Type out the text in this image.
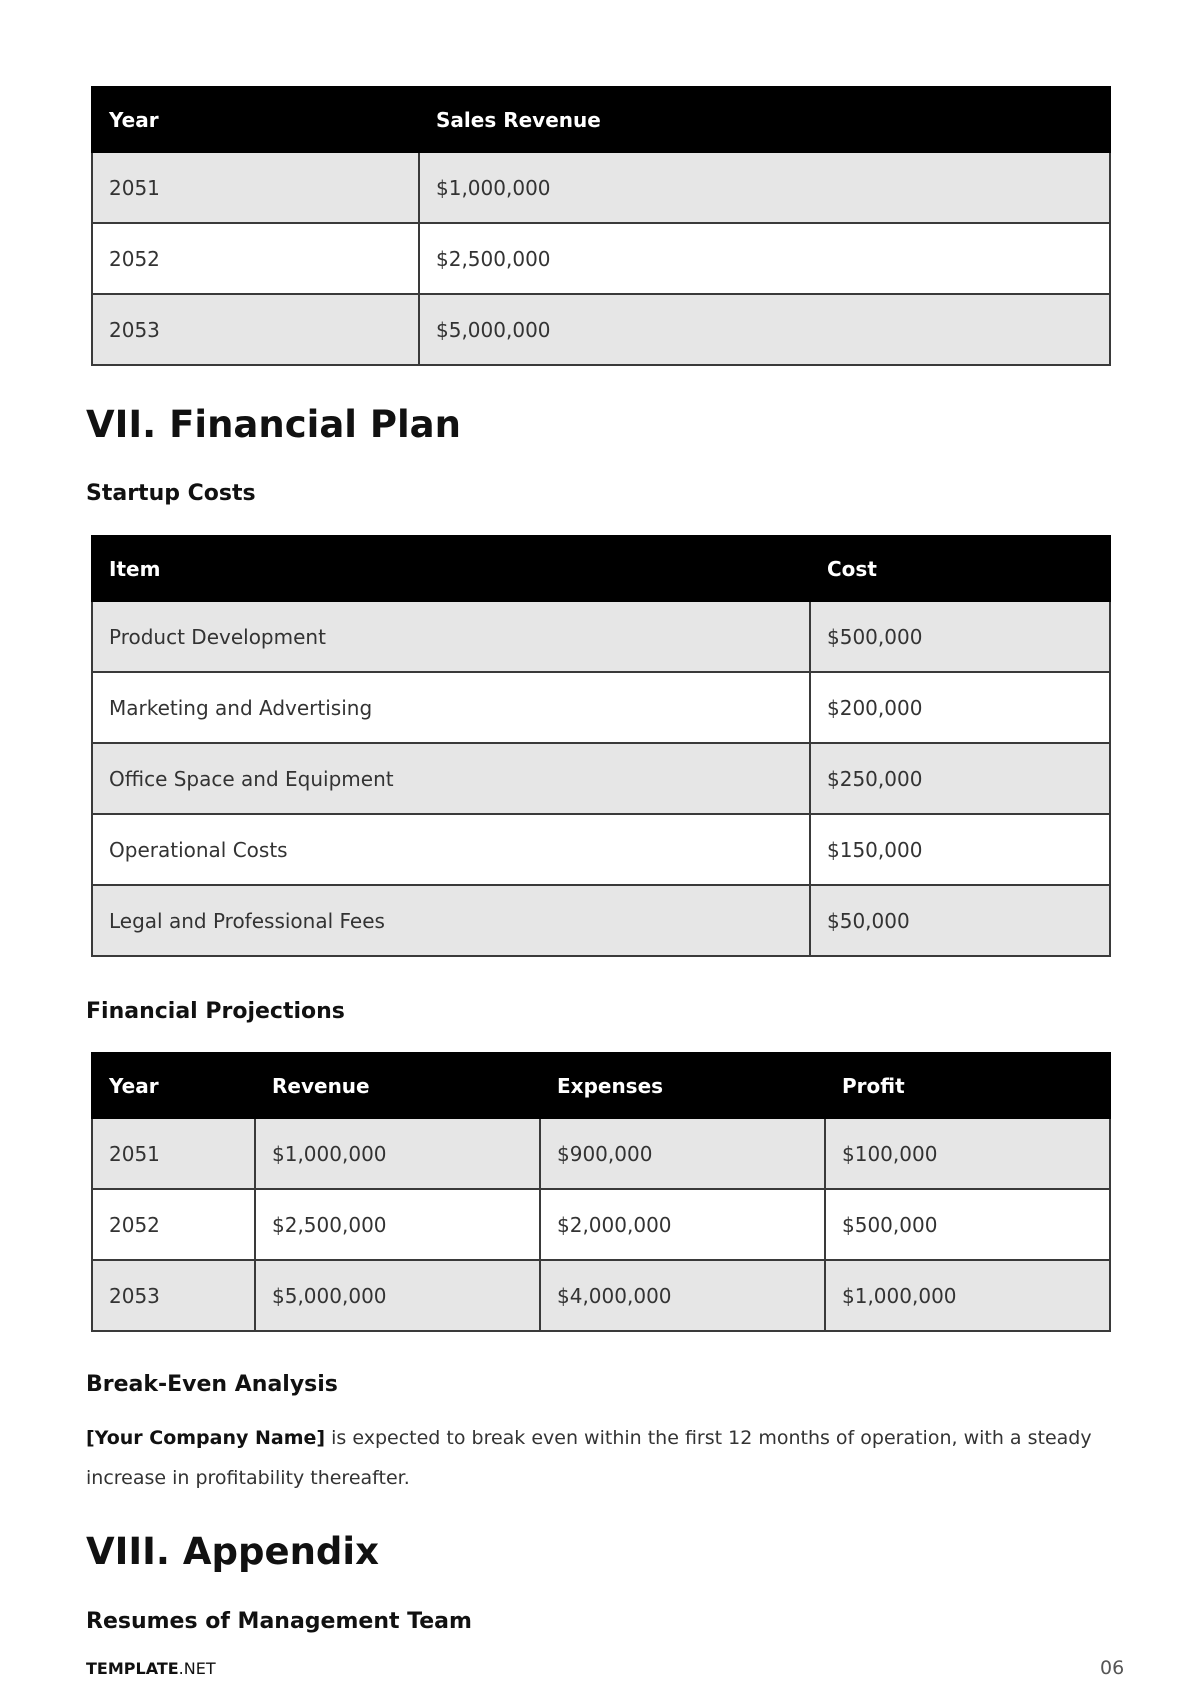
Year	Sales Revenue
2051	$1,000,000
2052	$2,500,000
2053	$5,000,000
VII. Financial Plan
Startup Costs
Item	Cost
Product Development	$500,000
Marketing and Advertising	$200,000
Office Space and Equipment	$250,000
Operational Costs	$150,000
Legal and Professional Fees	$50,000
Financial Projections
Year	Revenue	Expenses	Profit
2051	$1,000,000	$900,000	$100,000
2052	$2,500,000	$2,000,000	$500,000
2053	$5,000,000	$4,000,000	$1,000,000
Break-Even Analysis

[Your Company Name] is expected to break even within the first 12 months of operation, with a steady increase in profitability thereafter.

VIII. Appendix
Resumes of Management Team
TEMPLATE.NET	06
